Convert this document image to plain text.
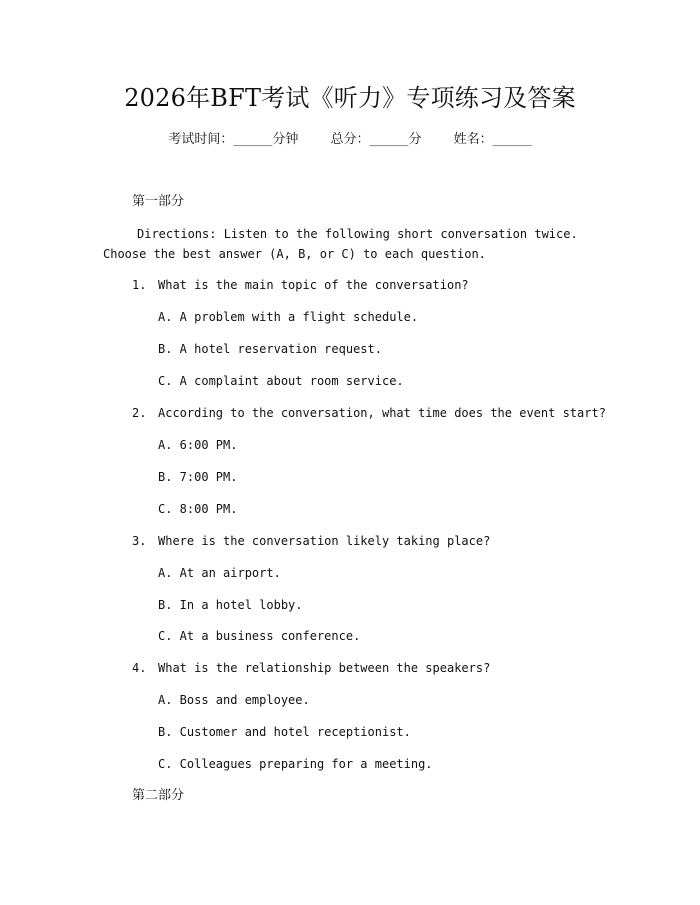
2026年BFT考试《听力》专项练习及答案
考试时间：______分钟 总分：______分 姓名：______
第一部分
Directions: Listen to the following short conversation twice. Choose the best answer (A, B, or C) to each question.
1. What is the main topic of the conversation?
A. A problem with a flight schedule.
B. A hotel reservation request.
C. A complaint about room service.
2. According to the conversation, what time does the event start?
A. 6:00 PM.
B. 7:00 PM.
C. 8:00 PM.
3. Where is the conversation likely taking place?
A. At an airport.
B. In a hotel lobby.
C. At a business conference.
4. What is the relationship between the speakers?
A. Boss and employee.
B. Customer and hotel receptionist.
C. Colleagues preparing for a meeting.
第二部分
